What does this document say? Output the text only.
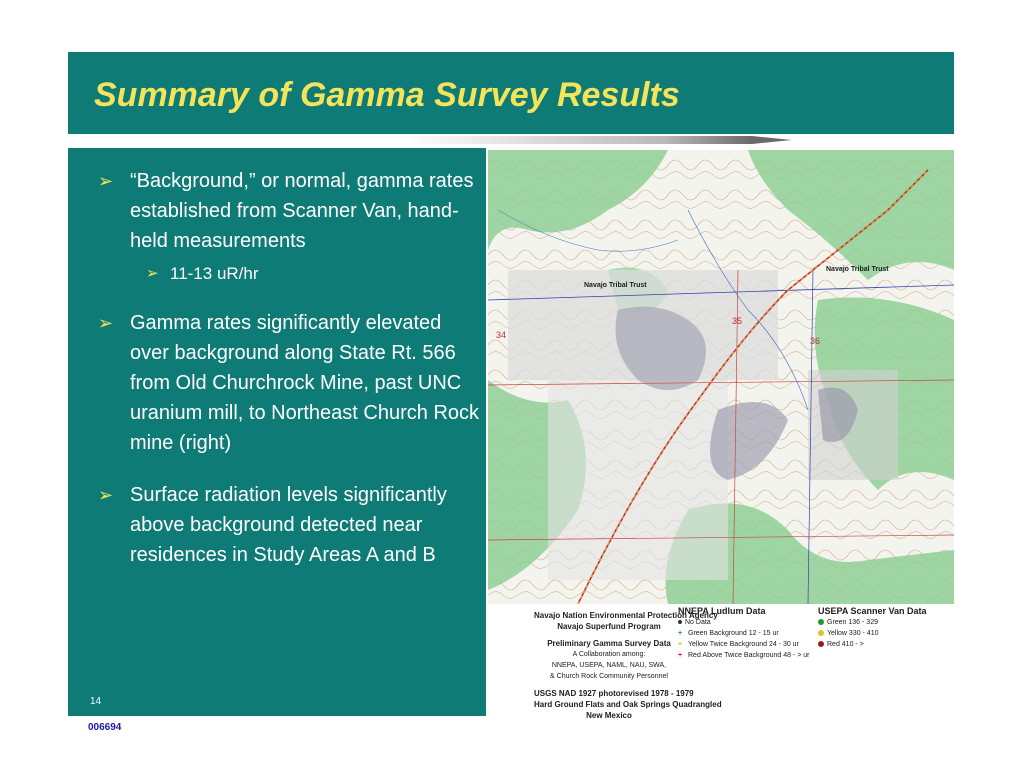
Summary of Gamma Survey Results
➢ “Background,” or normal, gamma rates established from Scanner Van, hand-held measurements
➢ 11-13 uR/hr
➢ Gamma rates significantly elevated over background along State Rt. 566 from Old Churchrock Mine, past UNC uranium mill, to Northeast Church Rock mine (right)
➢ Surface radiation levels significantly above background detected near residences in Study Areas A and B
14
Navajo Tribal Trust
Navajo Tribal Trust
34
35
36
Navajo Nation Environmental Protection Agency
Navajo Superfund Program
Preliminary Gamma Survey Data
A Collaboration among:
NNEPA, USEPA, NAML, NAU, SWA,
& Church Rock Community Personnel
USGS NAD 1927 photorevised 1978 - 1979
Hard Ground Flats and Oak Springs Quadrangled
New Mexico
NNEPA Ludlum Data
No Data
+ Green Background 12 - 15 ur
+ Yellow Twice Background 24 - 30 ur
+ Red Above Twice Background 48 - > ur
USEPA Scanner Van Data
Green 136 - 329
Yellow 330 - 410
Red 410 - >
006694
